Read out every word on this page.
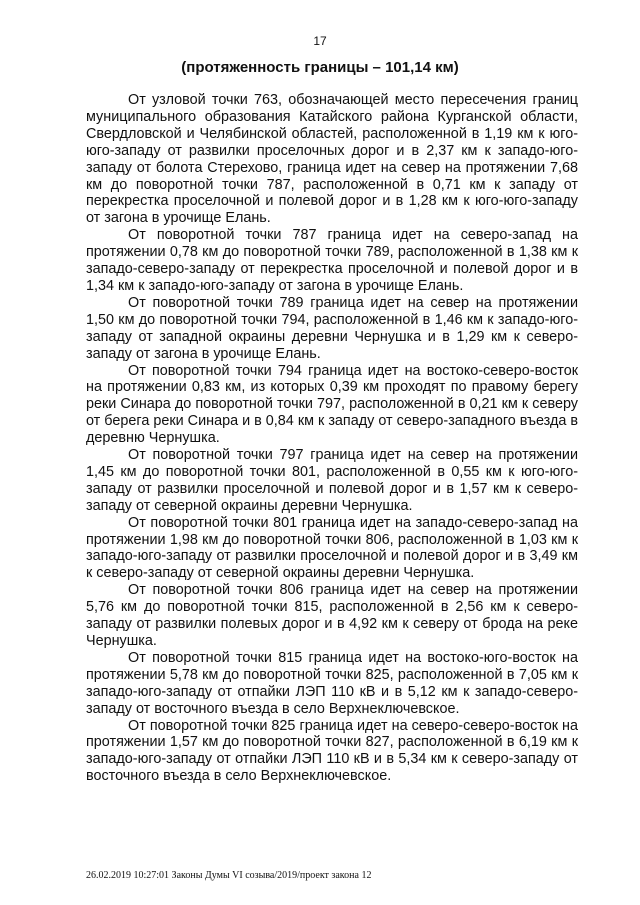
17
(протяженность границы – 101,14 км)

От узловой точки 763, обозначающей место пересечения границ муниципального образования Катайского района Курганской области, Свердловской и Челябинской областей, расположенной в 1,19 км к юго-юго-западу от развилки проселочных дорог и в 2,37 км к западо-юго-западу от болота Стерехово, граница идет на север на протяжении 7,68 км до поворотной точки 787, расположенной в 0,71 км к западу от перекрестка проселочной и полевой дорог и в 1,28 км к юго-юго-западу от загона в урочище Елань.

От поворотной точки 787 граница идет на северо-запад на протяжении 0,78 км до поворотной точки 789, расположенной в 1,38 км к западо-северо-западу от перекрестка проселочной и полевой дорог и в 1,34 км к западо-юго-западу от загона в урочище Елань.

От поворотной точки 789 граница идет на север на протяжении 1,50 км до поворотной точки 794, расположенной в 1,46 км к западо-юго-западу от западной окраины деревни Чернушка и в 1,29 км к северо-западу от загона в урочище Елань.

От поворотной точки 794 граница идет на востоко-северо-восток на протяжении 0,83 км, из которых 0,39 км проходят по правому берегу реки Синара до поворотной точки 797, расположенной в 0,21 км к северу от берега реки Синара и в 0,84 км к западу от северо-западного въезда в деревню Чернушка.

От поворотной точки 797 граница идет на север на протяжении 1,45 км до поворотной точки 801, расположенной в 0,55 км к юго-юго-западу от развилки проселочной и полевой дорог и в 1,57 км к северо-западу от северной окраины деревни Чернушка.

От поворотной точки 801 граница идет на западо-северо-запад на протяжении 1,98 км до поворотной точки 806, расположенной в 1,03 км к западо-юго-западу от развилки проселочной и полевой дорог и в 3,49 км к северо-западу от северной окраины деревни Чернушка.

От поворотной точки 806 граница идет на север на протяжении 5,76 км до поворотной точки 815, расположенной в 2,56 км к северо-западу от развилки полевых дорог и в 4,92 км к северу от брода на реке Чернушка.

От поворотной точки 815 граница идет на востоко-юго-восток на протяжении 5,78 км до поворотной точки 825, расположенной в 7,05 км к западо-юго-западу от отпайки ЛЭП 110 кВ и в 5,12 км к западо-северо-западу от восточного въезда в село Верхнеключевское.

От поворотной точки 825 граница идет на северо-северо-восток на протяжении 1,57 км до поворотной точки 827, расположенной в 6,19 км к западо-юго-западу от отпайки ЛЭП 110 кВ и в 5,34 км к северо-западу от восточного въезда в село Верхнеключевское.

26.02.2019 10:27:01 Законы Думы VI созыва/2019/проект закона 12
